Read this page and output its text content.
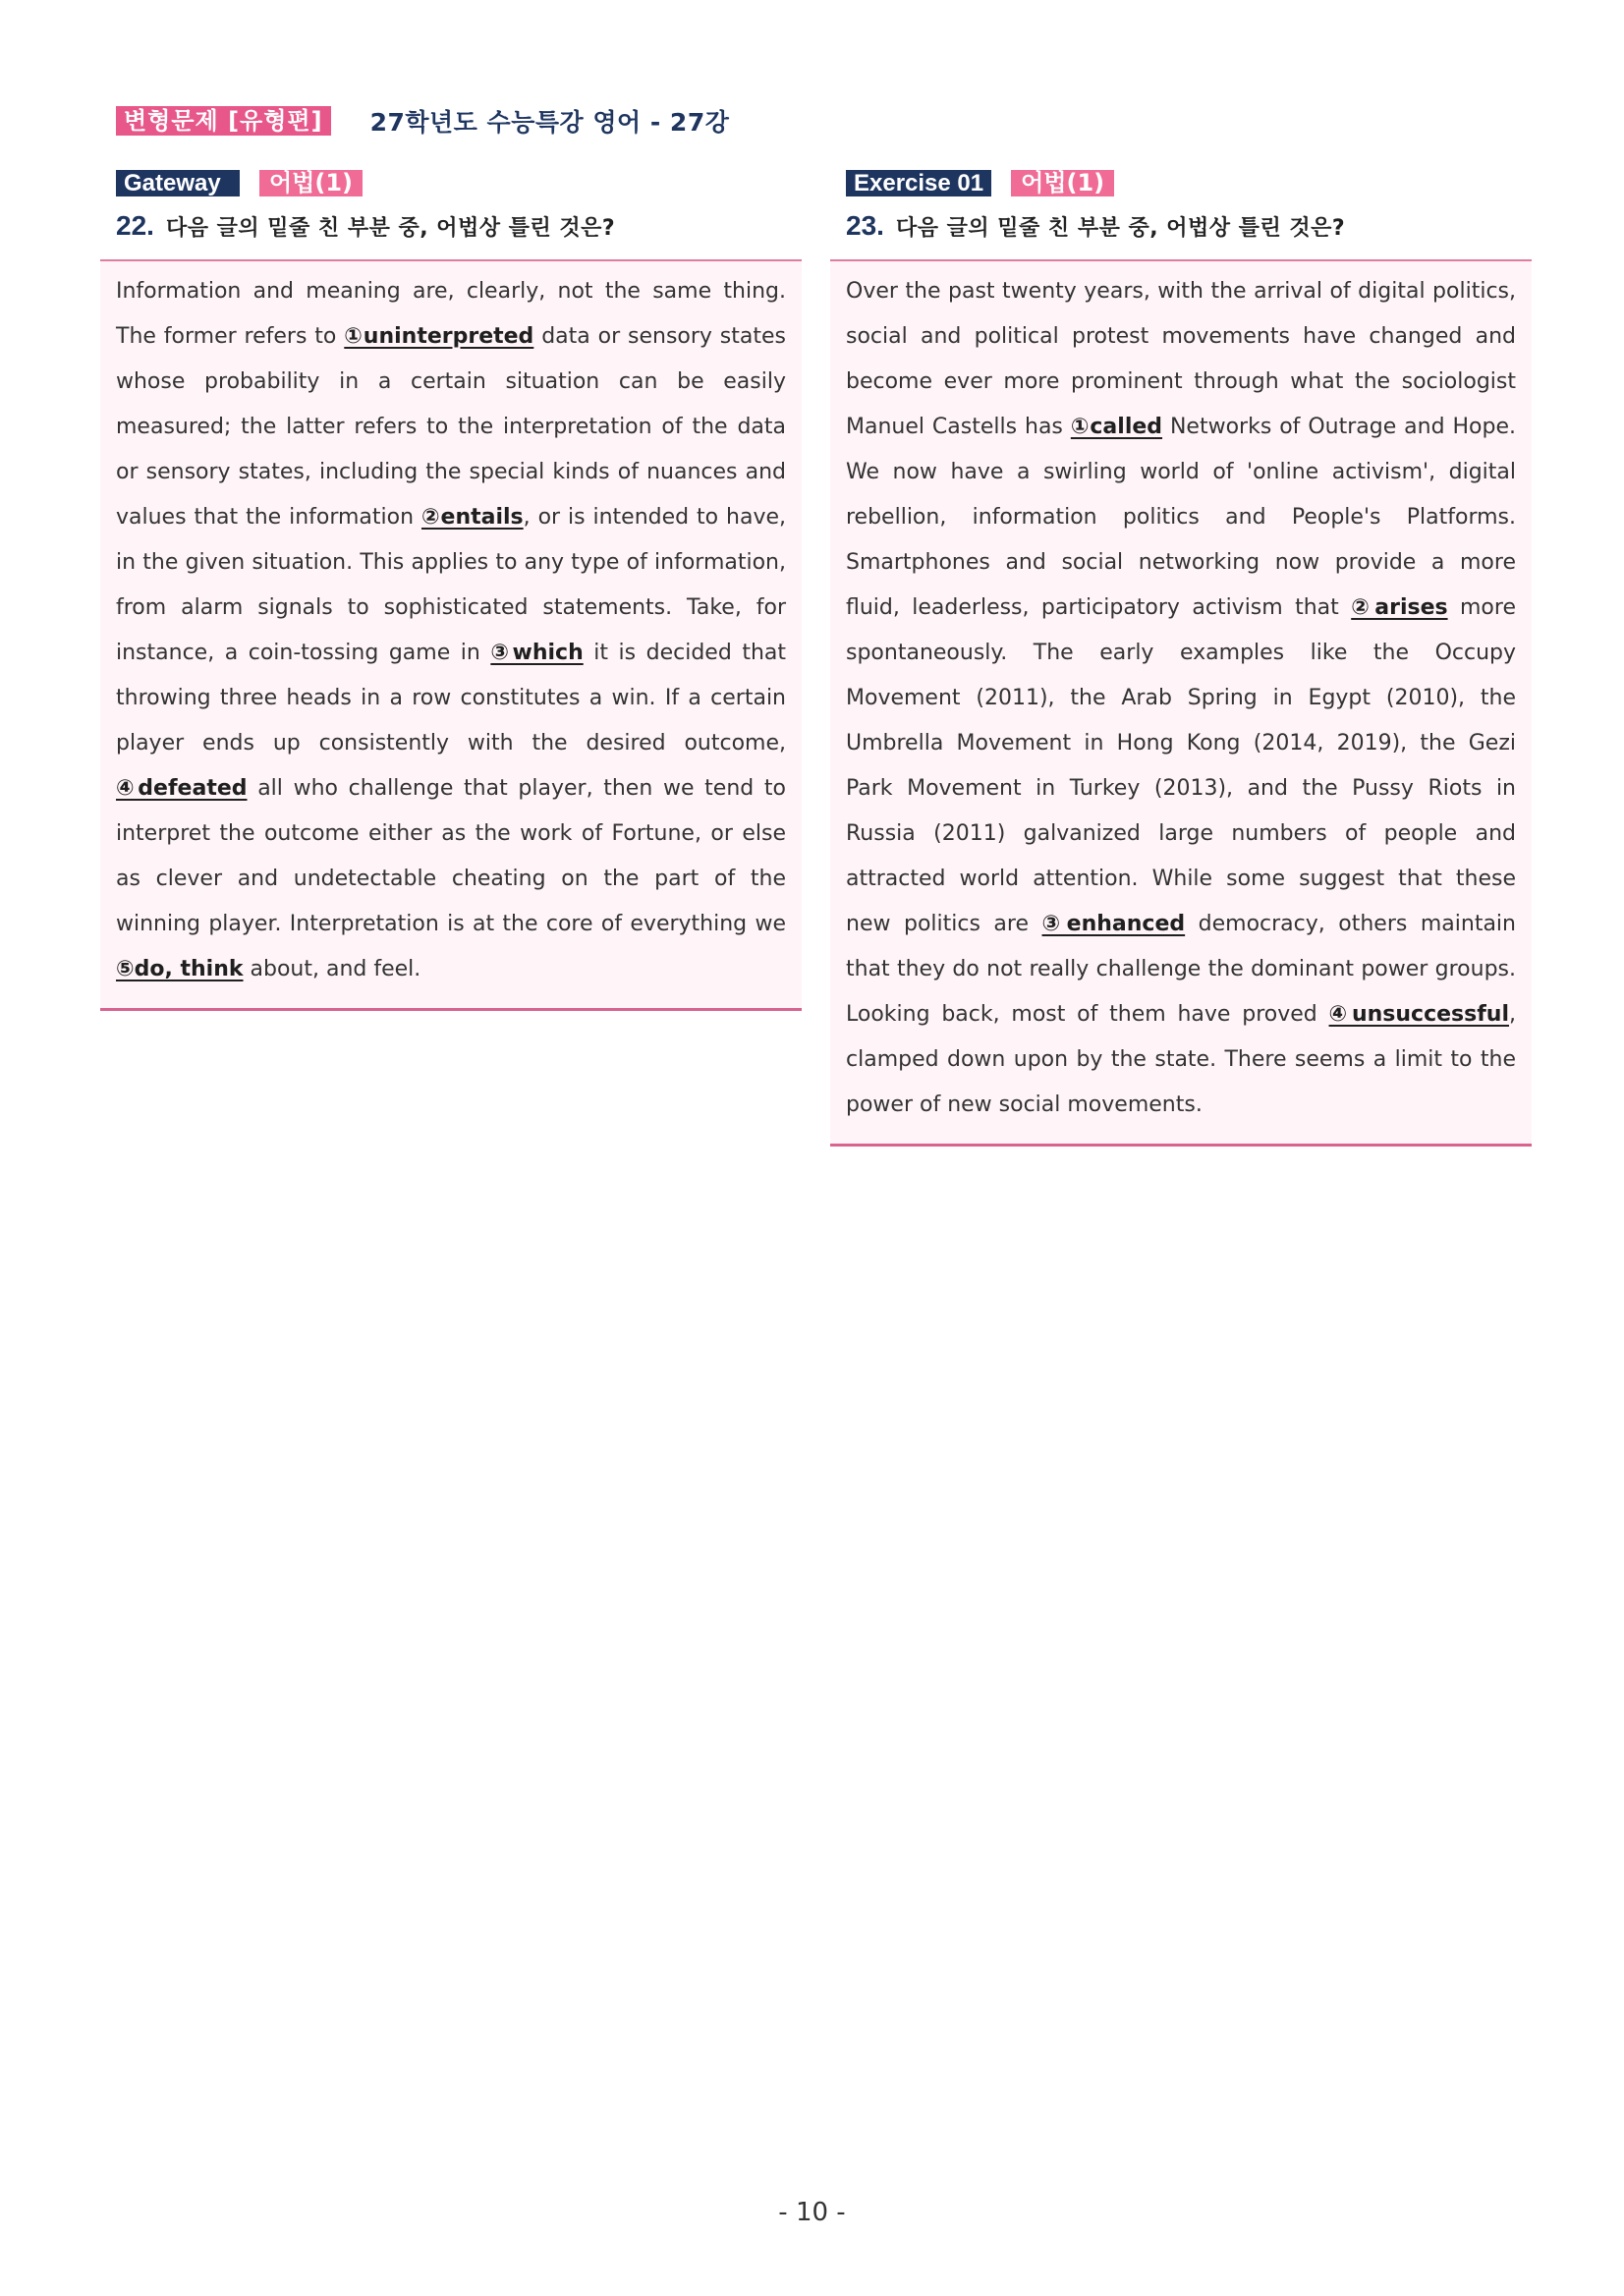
변형문제 [유형편]	27학년도 수능특강 영어 - 27강
Gateway	어법(1)
22. 다음 글의 밑줄 친 부분 중, 어법상 틀린 것은?

Information and meaning are, clearly, not the same thing. The former refers to ①uninterpreted data or sensory states whose probability in a certain situation can be easily measured; the latter refers to the interpretation of the data or sensory states, including the special kinds of nuances and values that the information ②entails, or is intended to have, in the given situation. This applies to any type of information, from alarm signals to sophisticated statements. Take, for instance, a coin-tossing game in ③which it is decided that throwing three heads in a row constitutes a win. If a certain player ends up consistently with the desired outcome, ④defeated all who challenge that player, then we tend to interpret the outcome either as the work of Fortune, or else as clever and undetectable cheating on the part of the winning player. Interpretation is at the core of everything we ⑤do, think about, and feel.

Exercise 01	어법(1)
23. 다음 글의 밑줄 친 부분 중, 어법상 틀린 것은?

Over the past twenty years, with the arrival of digital politics, social and political protest movements have changed and become ever more prominent through what the sociologist Manuel Castells has ①called Networks of Outrage and Hope. We now have a swirling world of 'online activism', digital rebellion, information politics and People's Platforms. Smartphones and social networking now provide a more fluid, leaderless, participatory activism that ②arises more spontaneously. The early examples like the Occupy Movement (2011), the Arab Spring in Egypt (2010), the Umbrella Movement in Hong Kong (2014, 2019), the Gezi Park Movement in Turkey (2013), and the Pussy Riots in Russia (2011) galvanized large numbers of people and attracted world attention. While some suggest that these new politics are ③enhanced democracy, others maintain that they do not really challenge the dominant power groups. Looking back, most of them have proved ④unsuccessful, clamped down upon by the state. There seems a limit to the power of new social movements.

- 10 -
